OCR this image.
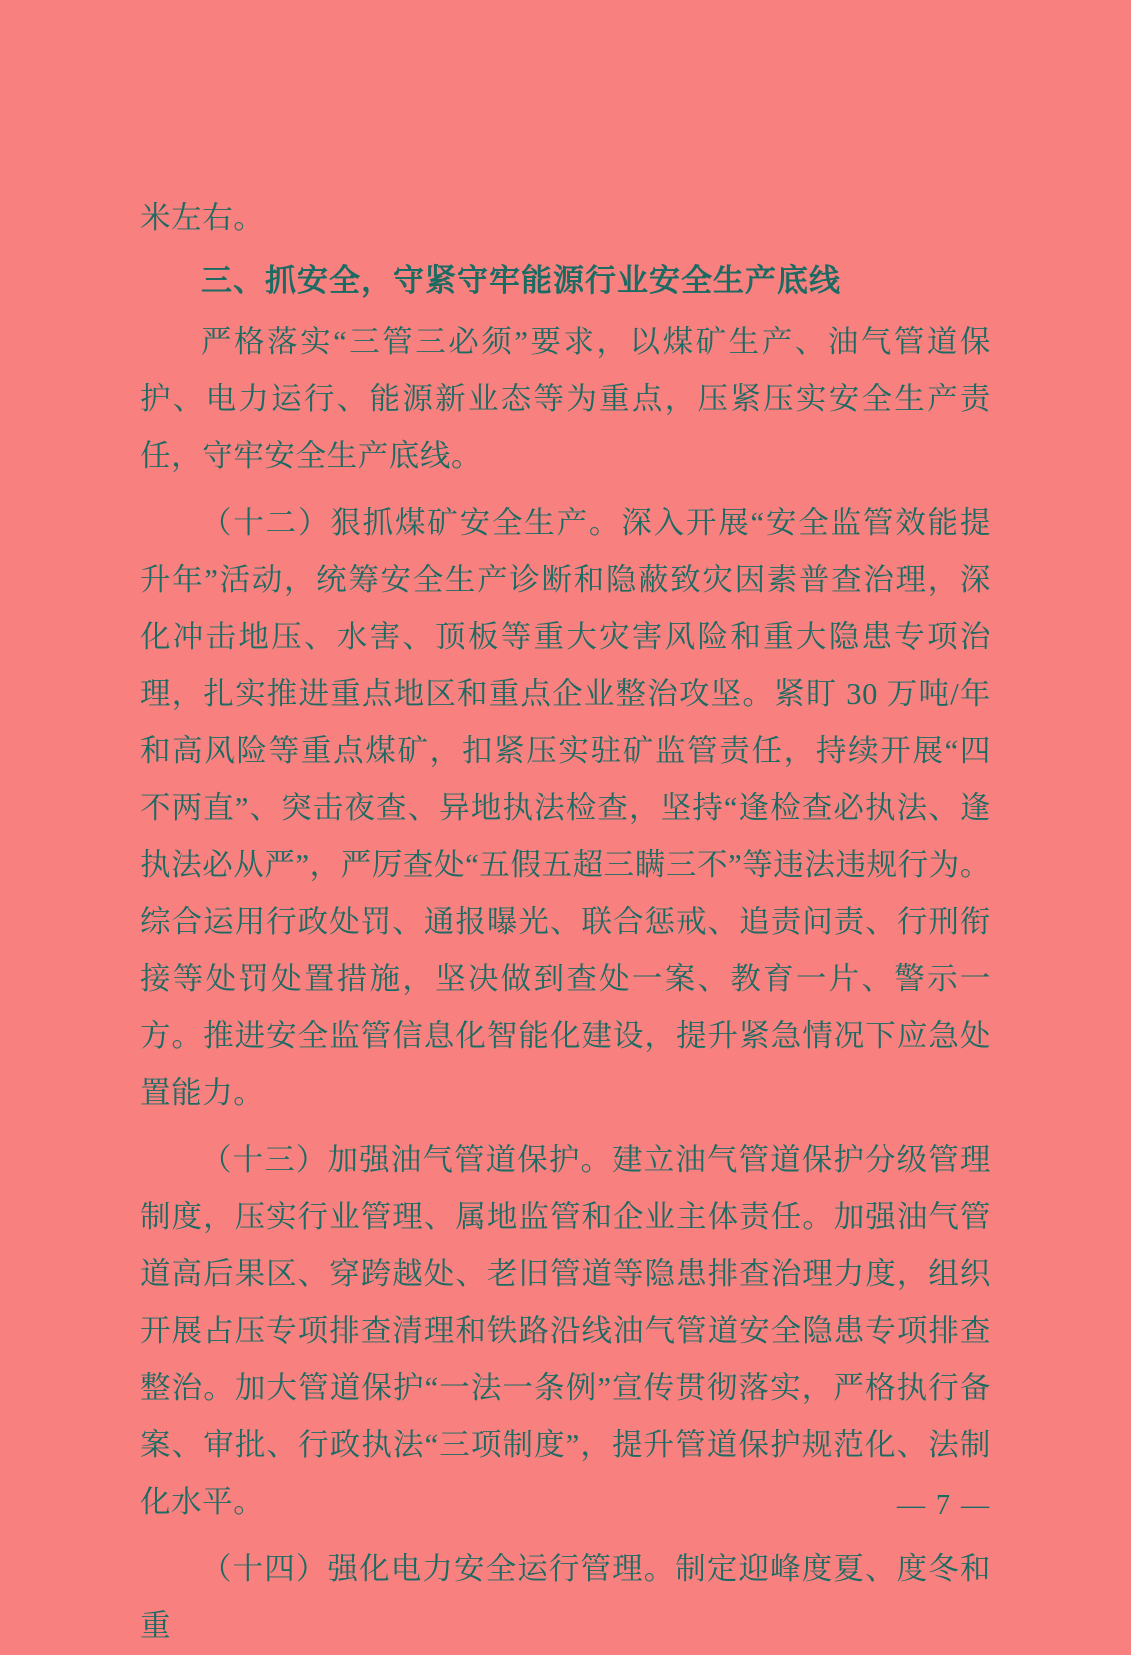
米左右。

三、抓安全，守紧守牢能源行业安全生产底线

严格落实“三管三必须”要求，以煤矿生产、油气管道保护、电力运行、能源新业态等为重点，压紧压实安全生产责任，守牢安全生产底线。

（十二）狠抓煤矿安全生产。深入开展“安全监管效能提升年”活动，统筹安全生产诊断和隐蔽致灾因素普查治理，深化冲击地压、水害、顶板等重大灾害风险和重大隐患专项治理，扎实推进重点地区和重点企业整治攻坚。紧盯 30 万吨/年和高风险等重点煤矿，扣紧压实驻矿监管责任，持续开展“四不两直”、突击夜查、异地执法检查，坚持“逢检查必执法、逢执法必从严”，严厉查处“五假五超三瞒三不”等违法违规行为。综合运用行政处罚、通报曝光、联合惩戒、追责问责、行刑衔接等处罚处置措施，坚决做到查处一案、教育一片、警示一方。推进安全监管信息化智能化建设，提升紧急情况下应急处置能力。

（十三）加强油气管道保护。建立油气管道保护分级管理制度，压实行业管理、属地监管和企业主体责任。加强油气管道高后果区、穿跨越处、老旧管道等隐患排查治理力度，组织开展占压专项排查清理和铁路沿线油气管道安全隐患专项排查整治。加大管道保护“一法一条例”宣传贯彻落实，严格执行备案、审批、行政执法“三项制度”，提升管道保护规范化、法制化水平。

（十四）强化电力安全运行管理。制定迎峰度夏、度冬和重

— 7 —
